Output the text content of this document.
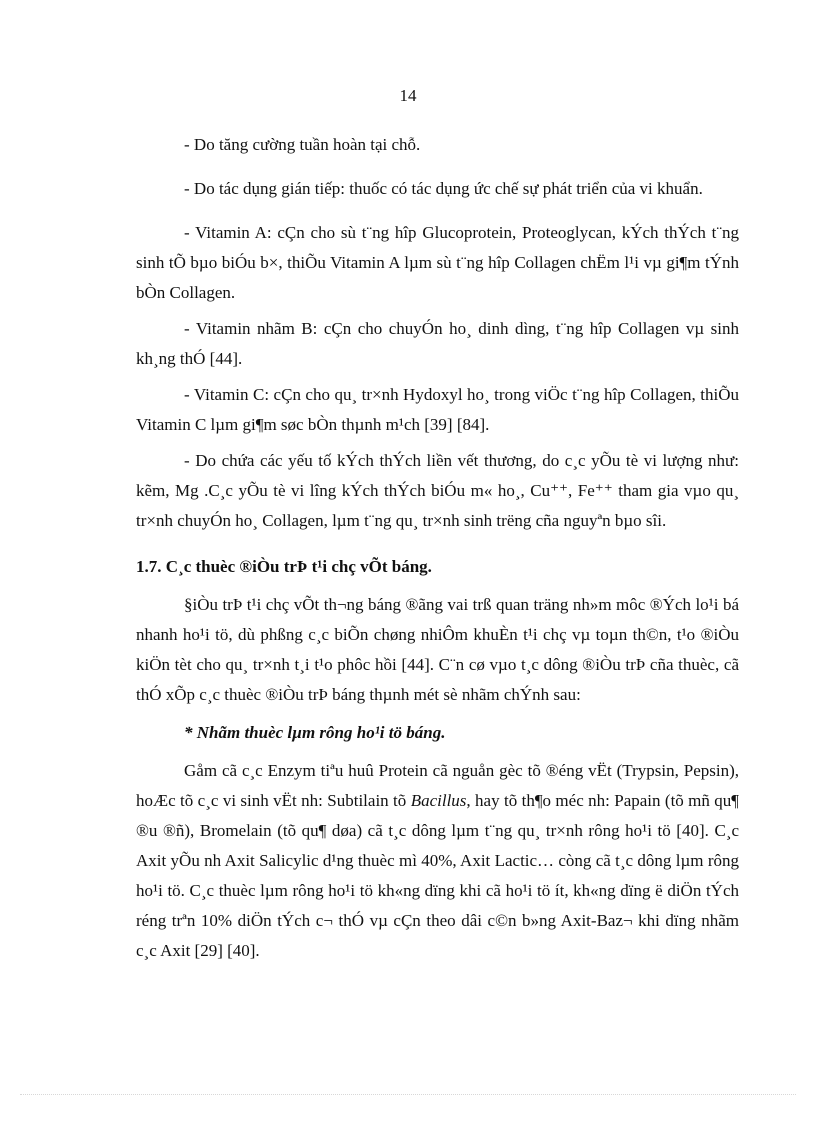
14

- Do tăng cường tuần hoàn tại chỗ.

- Do tác dụng gián tiếp: thuốc có tác dụng ức chế sự phát triển của vi khuẩn.

- Vitamin A: cÇn cho sù t¨ng hîp Glucoprotein, Proteoglycan, kÝch thÝch t¨ng sinh tÕ bµo biÓu b×, thiÕu Vitamin A lµm sù t¨ng hîp Collagen chËm l¹i vµ gi¶m tÝnh bÒn Collagen.

- Vitamin nhãm B: cÇn cho chuyÓn ho¸ dinh dìng, t¨ng hîp Collagen vµ sinh kh¸ng thÓ [44].

- Vitamin C: cÇn cho qu¸ tr×nh Hydoxyl ho¸ trong viÖc t¨ng hîp Collagen, thiÕu Vitamin C lµm gi¶m søc bÒn thµnh m¹ch [39] [84].

- Do chứa các yếu tố kÝch thÝch liền vết thương, do c¸c yÕu tè vi lượng như: kẽm, Mg .C¸c yÕu tè vi lîng kÝch thÝch biÓu m« ho¸, Cu⁺⁺, Fe⁺⁺ tham gia vµo qu¸ tr×nh chuyÓn ho¸ Collagen, lµm t¨ng qu¸ tr×nh sinh trëng cña nguyªn bµo sîi.

1.7. C¸c thuèc ®iÒu trÞ t¹i chç vÕt báng.

§iÒu trÞ t¹i chç vÕt th¬ng báng ®ãng vai trß quan träng nh»m môc ®Ých lo¹i bá nhanh ho¹i tö, dù phßng c¸c biÕn chøng nhiÔm khuÈn t¹i chç vµ toµn th©n, t¹o ®iÒu kiÖn tèt cho qu¸ tr×nh t¸i t¹o phôc hồi [44]. C¨n cø vµo t¸c dông ®iÒu trÞ cña thuèc, cã thÓ xÕp c¸c thuèc ®iÒu trÞ báng thµnh mét sè nhãm chÝnh sau:

* Nhãm thuèc lµm rông ho¹i tö báng.

Gåm cã c¸c Enzym tiªu huû Protein cã nguån gèc tõ ®éng vËt (Trypsin, Pepsin), hoÆc tõ c¸c vi sinh vËt nh: Subtilain tõ Bacillus, hay tõ th¶o méc nh: Papain (tõ mñ qu¶ ®u ®ñ), Bromelain (tõ qu¶ døa) cã t¸c dông lµm t¨ng qu¸ tr×nh rông ho¹i tö [40]. C¸c Axit yÕu nh Axit Salicylic d¹ng thuèc mì 40%, Axit Lactic… còng cã t¸c dông lµm rông ho¹i tö. C¸c thuèc lµm rông ho¹i tö kh«ng dïng khi cã ho¹i tö ít, kh«ng dïng ë diÖn tÝch réng trªn 10% diÖn tÝch c¬ thÓ vµ cÇn theo dâi c©n b»ng Axit-Baz¬ khi dïng nhãm c¸c Axit [29] [40].
